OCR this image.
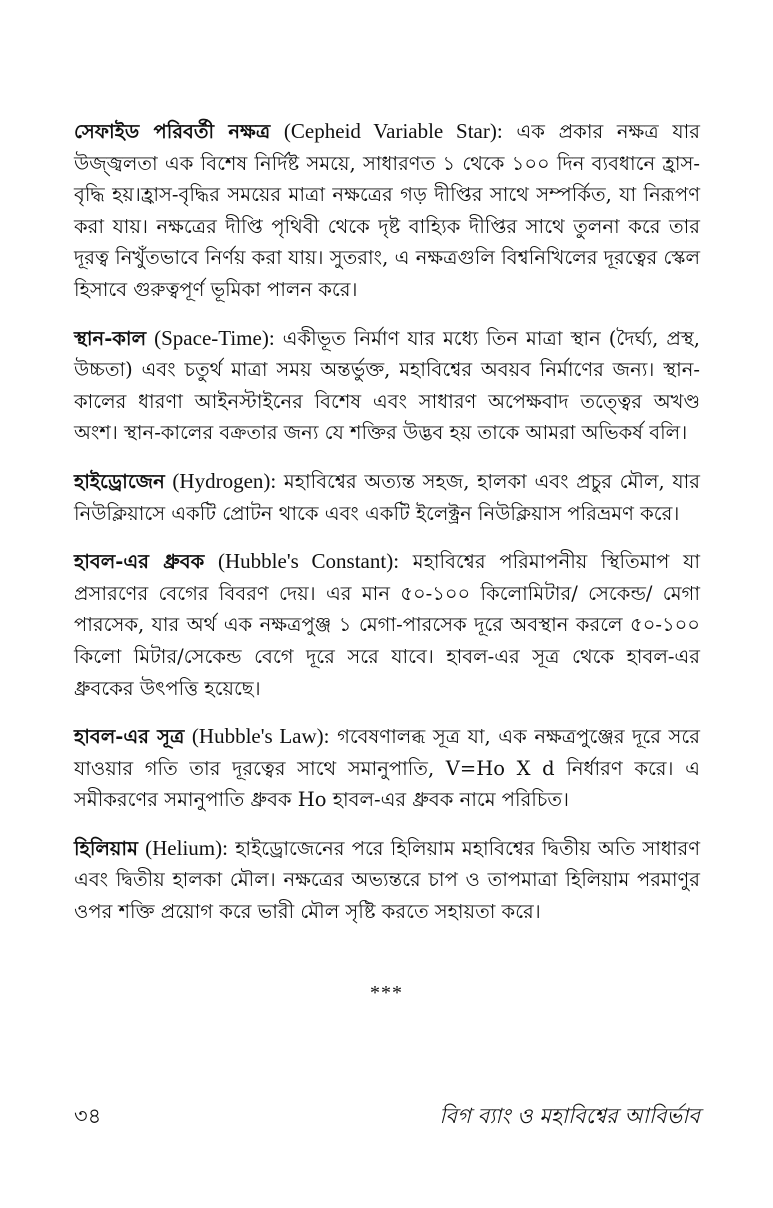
সেফাইড পরিবর্তী নক্ষত্র (Cepheid Variable Star): এক প্রকার নক্ষত্র যার উজ্জ্বলতা এক বিশেষ নির্দিষ্ট সময়ে, সাধারণত ১ থেকে ১০০ দিন ব্যবধানে হ্রাস-বৃদ্ধি হয়।হ্রাস-বৃদ্ধির সময়ের মাত্রা নক্ষত্রের গড় দীপ্তির সাথে সম্পর্কিত, যা নিরূপণ করা যায়। নক্ষত্রের দীপ্তি পৃথিবী থেকে দৃষ্ট বাহ্যিক দীপ্তির সাথে তুলনা করে তার দূরত্ব নিখুঁতভাবে নির্ণয় করা যায়। সুতরাং, এ নক্ষত্রগুলি বিশ্বনিখিলের দূরত্বের স্কেল হিসাবে গুরুত্বপূর্ণ ভূমিকা পালন করে।

স্থান-কাল (Space-Time): একীভূত নির্মাণ যার মধ্যে তিন মাত্রা স্থান (দৈর্ঘ্য, প্রস্থ, উচ্চতা) এবং চতুর্থ মাত্রা সময় অন্তর্ভুক্ত, মহাবিশ্বের অবয়ব নির্মাণের জন্য। স্থান-কালের ধারণা আইনস্টাইনের বিশেষ এবং সাধারণ অপেক্ষবাদ তত্ত্বের অখণ্ড অংশ। স্থান-কালের বক্রতার জন্য যে শক্তির উদ্ভব হয় তাকে আমরা অভিকর্ষ বলি।

হাইড্রোজেন (Hydrogen): মহাবিশ্বের অত্যন্ত সহজ, হালকা এবং প্রচুর মৌল, যার নিউক্লিয়াসে একটি প্রোটন থাকে এবং একটি ইলেক্ট্রন নিউক্লিয়াস পরিভ্রমণ করে।

হাবল-এর ধ্রুবক (Hubble's Constant): মহাবিশ্বের পরিমাপনীয় স্থিতিমাপ যা প্রসারণের বেগের বিবরণ দেয়। এর মান ৫০-১০০ কিলোমিটার/ সেকেন্ড/ মেগা পারসেক, যার অর্থ এক নক্ষত্রপুঞ্জ ১ মেগা-পারসেক দূরে অবস্থান করলে ৫০-১০০ কিলো মিটার/সেকেন্ড বেগে দূরে সরে যাবে। হাবল-এর সূত্র থেকে হাবল-এর ধ্রুবকের উৎপত্তি হয়েছে।

হাবল-এর সূত্র (Hubble's Law): গবেষণালব্ধ সূত্র যা, এক নক্ষত্রপুঞ্জের দূরে সরে যাওয়ার গতি তার দূরত্বের সাথে সমানুপাতি, V=Ho X d নির্ধারণ করে। এ সমীকরণের সমানুপাতি ধ্রুবক Ho হাবল-এর ধ্রুবক নামে পরিচিত।

হিলিয়াম (Helium): হাইড্রোজেনের পরে হিলিয়াম মহাবিশ্বের দ্বিতীয় অতি সাধারণ এবং দ্বিতীয় হালকা মৌল। নক্ষত্রের অভ্যন্তরে চাপ ও তাপমাত্রা হিলিয়াম পরমাণুর ওপর শক্তি প্রয়োগ করে ভারী মৌল সৃষ্টি করতে সহায়তা করে।

***
৩৪	বিগ ব্যাং ও মহাবিশ্বের আবির্ভাব
